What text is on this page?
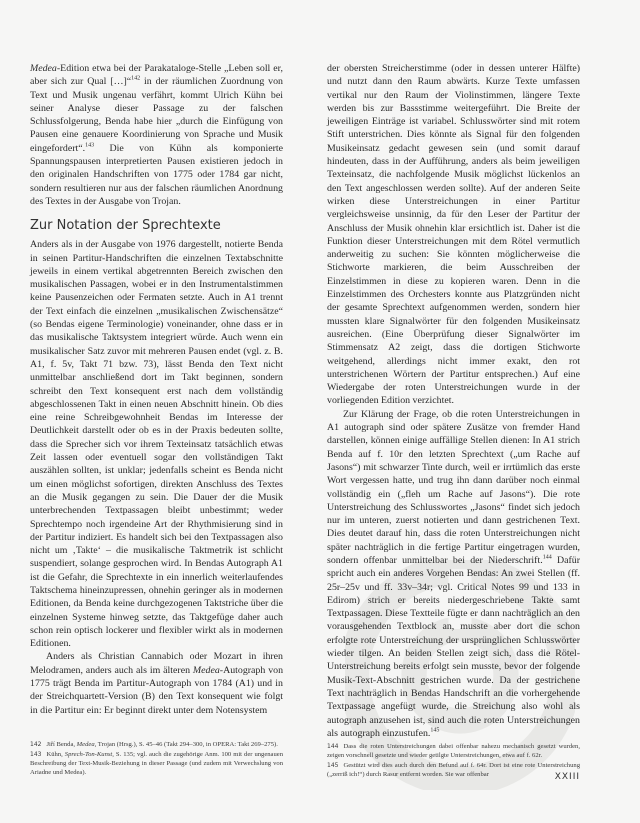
Medea-Edition etwa bei der Parakataloge-Stelle „Leben soll er, aber sich zur Qual […]“$^{142}$ in der räumlichen Zuordnung von Text und Musik ungenau verfährt, kommt Ulrich Kühn bei seiner Analyse dieser Passage zu der falschen Schlussfolgerung, Benda habe hier „durch die Einfügung von Pausen eine genauere Koordinierung von Sprache und Musik eingefordert“.$^{143}$ Die von Kühn als komponierte Spannungspausen interpretierten Pausen existieren jedoch in den originalen Handschriften von 1775 oder 1784 gar nicht, sondern resultieren nur aus der falschen räumlichen Anordnung des Textes in der Ausgabe von Trojan.

Zur Notation der Sprechtexte

Anders als in der Ausgabe von 1976 dargestellt, notierte Benda in seinen Partitur-Handschriften die einzelnen Textabschnitte jeweils in einem vertikal abgetrennten Bereich zwischen den musikalischen Passagen, wobei er in den Instrumentalstimmen keine Pausenzeichen oder Fermaten setzte. Auch in A1 trennt der Text einfach die einzelnen „musikalischen Zwischensätze“ (so Bendas eigene Terminologie) voneinander, ohne dass er in das musikalische Taktsystem integriert würde. Auch wenn ein musikalischer Satz zuvor mit mehreren Pausen endet (vgl. z. B. A1, f. 5v, Takt 71 bzw. 73), lässt Benda den Text nicht unmittelbar anschließend dort im Takt beginnen, sondern schreibt den Text konsequent erst nach dem vollständig abgeschlossenen Takt in einen neuen Abschnitt hinein. Ob dies eine reine Schreibgewohnheit Bendas im Interesse der Deutlichkeit darstellt oder ob es in der Praxis bedeuten sollte, dass die Sprecher sich vor ihrem Texteinsatz tatsächlich etwas Zeit lassen oder eventuell sogar den vollständigen Takt auszählen sollten, ist unklar; jedenfalls scheint es Benda nicht um einen möglichst sofortigen, direkten Anschluss des Textes an die Musik gegangen zu sein. Die Dauer der die Musik unterbrechenden Textpassagen bleibt unbestimmt; weder Sprechtempo noch irgendeine Art der Rhythmisierung sind in der Partitur indiziert. Es handelt sich bei den Textpassagen also nicht um ‚Takte‘ – die musikalische Taktmetrik ist schlicht suspendiert, solange gesprochen wird. In Bendas Autograph A1 ist die Gefahr, die Sprechtexte in ein innerlich weiterlaufendes Taktschema hineinzupressen, ohnehin geringer als in modernen Editionen, da Benda keine durchgezogenen Taktstriche über die einzelnen Systeme hinweg setzte, das Taktgefüge daher auch schon rein optisch lockerer und flexibler wirkt als in modernen Editionen.

Anders als Christian Cannabich oder Mozart in ihren Melodramen, anders auch als im älteren Medea-Autograph von 1775 trägt Benda im Partitur-Autograph von 1784 (A1) und in der Streichquartett-Version (B) den Text konsequent wie folgt in die Partitur ein: Er beginnt direkt unter dem Notensystem

der obersten Streicherstimme (oder in dessen unterer Hälfte) und nutzt dann den Raum abwärts. Kurze Texte umfassen vertikal nur den Raum der Violinstimmen, längere Texte werden bis zur Bassstimme weitergeführt. Die Breite der jeweiligen Einträge ist variabel. Schlusswörter sind mit rotem Stift unterstrichen. Dies könnte als Signal für den folgenden Musikeinsatz gedacht gewesen sein (und somit darauf hindeuten, dass in der Aufführung, anders als beim jeweiligen Texteinsatz, die nachfolgende Musik möglichst lückenlos an den Text angeschlossen werden sollte). Auf der anderen Seite wirken diese Unterstreichungen in einer Partitur vergleichsweise unsinnig, da für den Leser der Partitur der Anschluss der Musik ohnehin klar ersichtlich ist. Daher ist die Funktion dieser Unterstreichungen mit dem Rötel vermutlich anderweitig zu suchen: Sie könnten möglicherweise die Stichworte markieren, die beim Ausschreiben der Einzelstimmen in diese zu kopieren waren. Denn in die Einzelstimmen des Orchesters konnte aus Platzgründen nicht der gesamte Sprechtext aufgenommen werden, sondern hier mussten klare Signalwörter für den folgenden Musikeinsatz ausreichen. (Eine Überprüfung dieser Signalwörter im Stimmensatz A2 zeigt, dass die dortigen Stichworte weitgehend, allerdings nicht immer exakt, den rot unterstrichenen Wörtern der Partitur entsprechen.) Auf eine Wiedergabe der roten Unterstreichungen wurde in der vorliegenden Edition verzichtet.

Zur Klärung der Frage, ob die roten Unterstreichungen in A1 autograph sind oder spätere Zusätze von fremder Hand darstellen, können einige auffällige Stellen dienen: In A1 strich Benda auf f. 10r den letzten Sprechtext („um Rache auf Jasons“) mit schwarzer Tinte durch, weil er irrtümlich das erste Wort vergessen hatte, und trug ihn dann darüber noch einmal vollständig ein („fleh um Rache auf Jasons“). Die rote Unterstreichung des Schlusswortes „Jasons“ findet sich jedoch nur im unteren, zuerst notierten und dann gestrichenen Text. Dies deutet darauf hin, dass die roten Unterstreichungen nicht später nachträglich in die fertige Partitur eingetragen wurden, sondern offenbar unmittelbar bei der Niederschrift.$^{144}$ Dafür spricht auch ein anderes Vorgehen Bendas: An zwei Stellen (ff. 25r–25v und ff. 33v–34r; vgl. Critical Notes 99 und 133 in Edirom) strich er bereits niedergeschriebene Takte samt Textpassagen. Diese Textteile fügte er dann nachträglich an den vorausgehenden Textblock an, musste aber dort die schon erfolgte rote Unterstreichung der ursprünglichen Schlusswörter wieder tilgen. An beiden Stellen zeigt sich, dass die Rötel-Unterstreichung bereits erfolgt sein musste, bevor der folgende Musik-Text-Abschnitt gestrichen wurde. Da der gestrichene Text nachträglich in Bendas Handschrift an die vorhergehende Textpassage angefügt wurde, die Streichung also wohl als autograph anzusehen ist, sind auch die roten Unterstreichungen als autograph einzustufen.$^{145}$

142 Jiří Benda, Medea, Trojan (Hrsg.), S. 45–46 (Takt 294–300, in OPERA: Takt 269–275).

143 Kühn, Sprech-Ton-Kunst, S. 135; vgl. auch die zugehörige Anm. 100 mit der ungenauen Beschreibung der Text-Musik-Beziehung in dieser Passage (und zudem mit Verwechslung von Ariadne und Medea).

144 Dass die roten Unterstreichungen dabei offenbar nahezu mechanisch gesetzt wurden, zeigen vorschnell gesetzte und wieder getilgte Unterstreichungen, etwa auf f. 62r.

145 Gestützt wird dies auch durch den Befund auf f. 64r. Dort ist eine rote Unterstreichung („zerriß ich!“) durch Rasur entfernt worden. Sie war offenbar	XXIII
